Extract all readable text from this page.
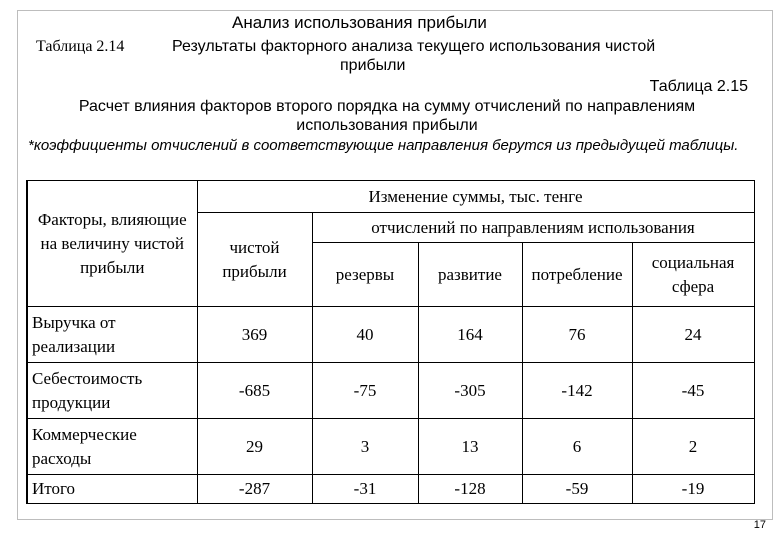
Анализ использования прибыли
Таблица 2.14	Результаты факторного анализа текущего использования чистой
прибыли
Таблица 2.15
Расчет влияния факторов второго порядка на сумму отчислений по направлениям использования прибыли
*коэффициенты отчислений в соответствующие направления берутся из предыдущей таблицы.
Факторы, влияющие на величину чистой прибыли	Изменение суммы, тыс. тенге				
	чистой прибыли	отчислений по направлениям использования			
		резервы	развитие	потребление	социальная сфера
Выручка от реализации	369	40	164	76	24
Себестоимость продукции	-685	-75	-305	-142	-45
Коммерческие расходы	29	3	13	6	2
Итого	-287	-31	-128	-59	-19
17
